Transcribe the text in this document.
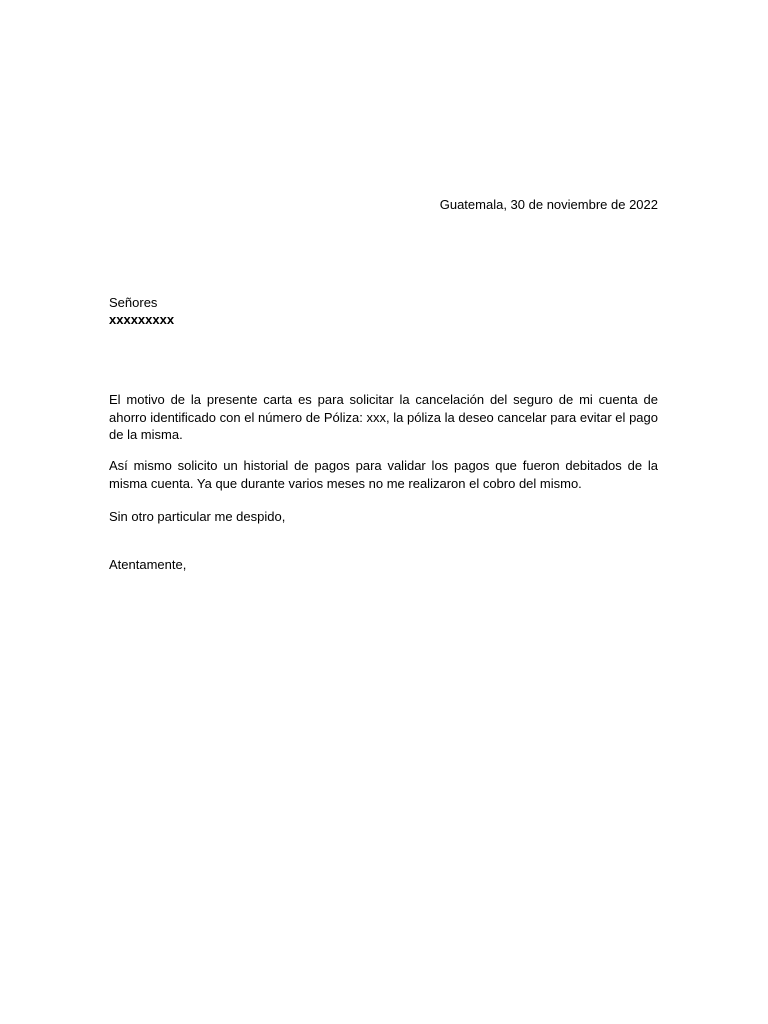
Guatemala, 30 de noviembre de 2022
Señores
xxxxxxxxx

El motivo de la presente carta es para solicitar la cancelación del seguro de mi cuenta de ahorro identificado con el número de Póliza: xxx, la póliza la deseo cancelar para evitar el pago de la misma.

Así mismo solicito un historial de pagos para validar los pagos que fueron debitados de la misma cuenta. Ya que durante varios meses no me realizaron el cobro del mismo.

Sin otro particular me despido,

Atentamente,
